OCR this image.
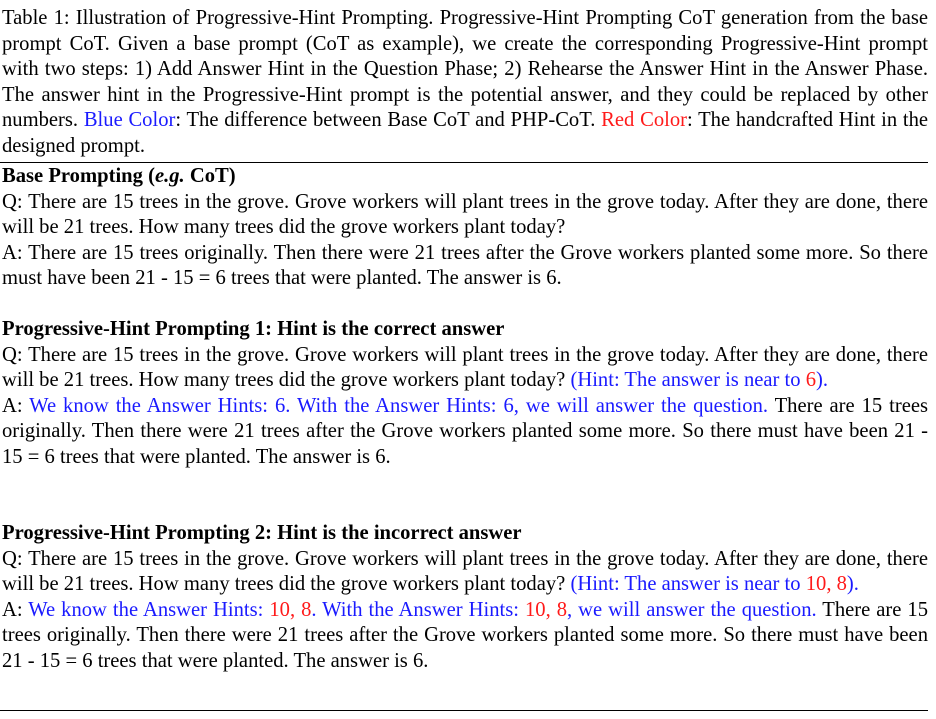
Table 1: Illustration of Progressive-Hint Prompting. Progressive-Hint Prompting CoT generation from the base prompt CoT. Given a base prompt (CoT as example), we create the corresponding Progressive-Hint prompt with two steps: 1) Add Answer Hint in the Question Phase; 2) Rehearse the Answer Hint in the Answer Phase. The answer hint in the Progressive-Hint prompt is the potential answer, and they could be replaced by other numbers. Blue Color: The difference between Base CoT and PHP-CoT. Red Color: The handcrafted Hint in the designed prompt.

Base Prompting (e.g. CoT)

Q: There are 15 trees in the grove. Grove workers will plant trees in the grove today. After they are done, there will be 21 trees. How many trees did the grove workers plant today?

A: There are 15 trees originally. Then there were 21 trees after the Grove workers planted some more. So there must have been 21 - 15 = 6 trees that were planted. The answer is 6.

Progressive-Hint Prompting 1: Hint is the correct answer

Q: There are 15 trees in the grove. Grove workers will plant trees in the grove today. After they are done, there will be 21 trees. How many trees did the grove workers plant today? (Hint: The answer is near to 6).

A: We know the Answer Hints: 6. With the Answer Hints: 6, we will answer the question. There are 15 trees originally. Then there were 21 trees after the Grove workers planted some more. So there must have been 21 - 15 = 6 trees that were planted. The answer is 6.

Progressive-Hint Prompting 2: Hint is the incorrect answer

Q: There are 15 trees in the grove. Grove workers will plant trees in the grove today. After they are done, there will be 21 trees. How many trees did the grove workers plant today? (Hint: The answer is near to 10, 8).

A: We know the Answer Hints: 10, 8. With the Answer Hints: 10, 8, we will answer the question. There are 15 trees originally. Then there were 21 trees after the Grove workers planted some more. So there must have been 21 - 15 = 6 trees that were planted. The answer is 6.
